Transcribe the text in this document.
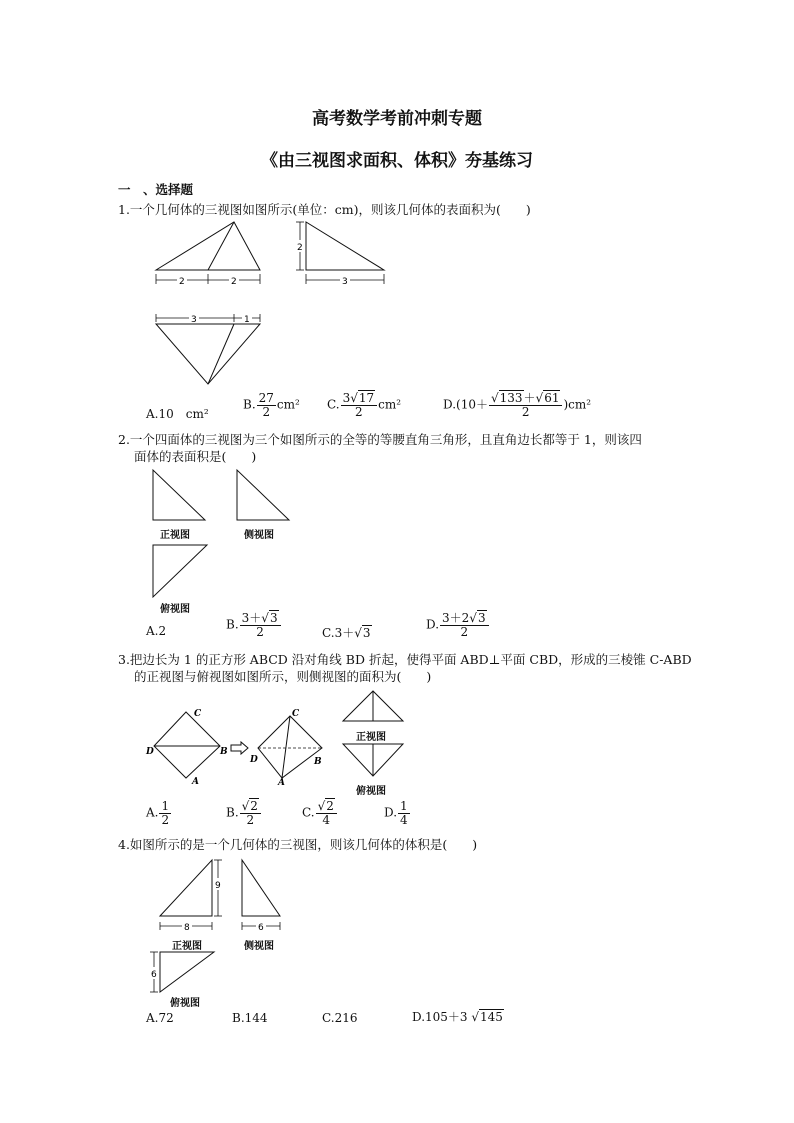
高考数学考前冲刺专题
《由三视图求面积、体积》夯基练习
一　、选择题
1.一个几何体的三视图如图所示(单位：cm)，则该几何体的表面积为(　　)
2	2
2
3
3	1
A.10　cm²
B. $\frac{27}{2} cm^2$ C. $\frac{3√17}{2} cm^2$	$D.(10+ \frac{√133+√61}{2} )cm^2$
2.一个四面体的三视图为三个如图所示的全等的等腰直角三角形，且直角边长都等于 1，则该四
面体的表面积是(　　)
正视图	侧视图
俯视图
A.2	B. $\frac{3+√3}{2}$	C.3＋√3
D. $\frac{3+2√3}{2}$
3.把边长为 1 的正方形 ABCD 沿对角线 BD 折起，使得平面 ABD⊥平面 CBD，形成的三棱锥 C-ABD
的正视图与俯视图如图所示，则侧视图的面积为(　　)
C
D	B
A
C
D	B
A
正视图
俯视图
A. $\frac{1}{2}$	B. $\frac{√2}{2}$	C. $\frac{√2}{4}$	D. $\frac{1}{4}$
4.如图所示的是一个几何体的三视图，则该几何体的体积是(　　)
9
8
正视图
6
侧视图
6
俯视图
A.72	B.144	C.216	D.105＋3 √145
